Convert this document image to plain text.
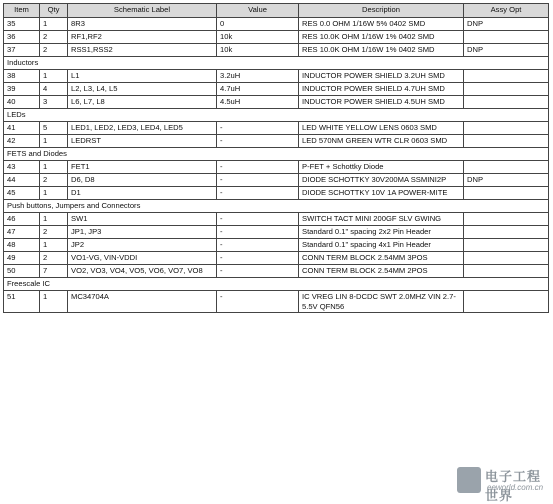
Item	Qty	Schematic Label	Value	Description	Assy Opt
35	1	8R3	0	RES 0.0 OHM 1/16W 5% 0402 SMD	DNP
36	2	RF1,RF2	10k	RES 10.0K OHM 1/16W 1% 0402 SMD	
37	2	RSS1,RSS2	10k	RES 10.0K OHM 1/16W 1% 0402 SMD	DNP
Inductors					
38	1	L1	3.2uH	INDUCTOR POWER SHIELD 3.2UH SMD	
39	4	L2, L3, L4, L5	4.7uH	INDUCTOR POWER SHIELD 4.7UH SMD	
40	3	L6, L7, L8	4.5uH	INDUCTOR POWER SHIELD 4.5UH SMD	
LEDs					
41	5	LED1, LED2, LED3, LED4, LED5	-	LED WHITE YELLOW LENS 0603 SMD	
42	1	LEDRST	-	LED 570NM GREEN WTR CLR 0603 SMD	
FETS and Diodes					
43	1	FET1	-	P-FET + Schottky Diode	
44	2	D6, D8	-	DIODE SCHOTTKY 30V200MA SSMINI2P	DNP
45	1	D1	-	DIODE SCHOTTKY 10V 1A POWER-MITE	
Push buttons, Jumpers and Connectors					
46	1	SW1	-	SWITCH TACT MINI 200GF SLV GWING	
47	2	JP1, JP3	-	Standard 0.1" spacing 2x2 Pin Header	
48	1	JP2	-	Standard 0.1" spacing 4x1 Pin Header	
49	2	VO1-VG, VIN-VDDI	-	CONN TERM BLOCK 2.54MM 3POS	
50	7	VO2, VO3, VO4, VO5, VO6, VO7, VO8	-	CONN TERM BLOCK 2.54MM 2POS	
Freescale IC					
51	1	MC34704A	-	IC VREG LIN 8-DCDC SWT 2.0MHZ VIN 2.7-5.5V QFN56	
电子工程世界
eeworld.com.cn
